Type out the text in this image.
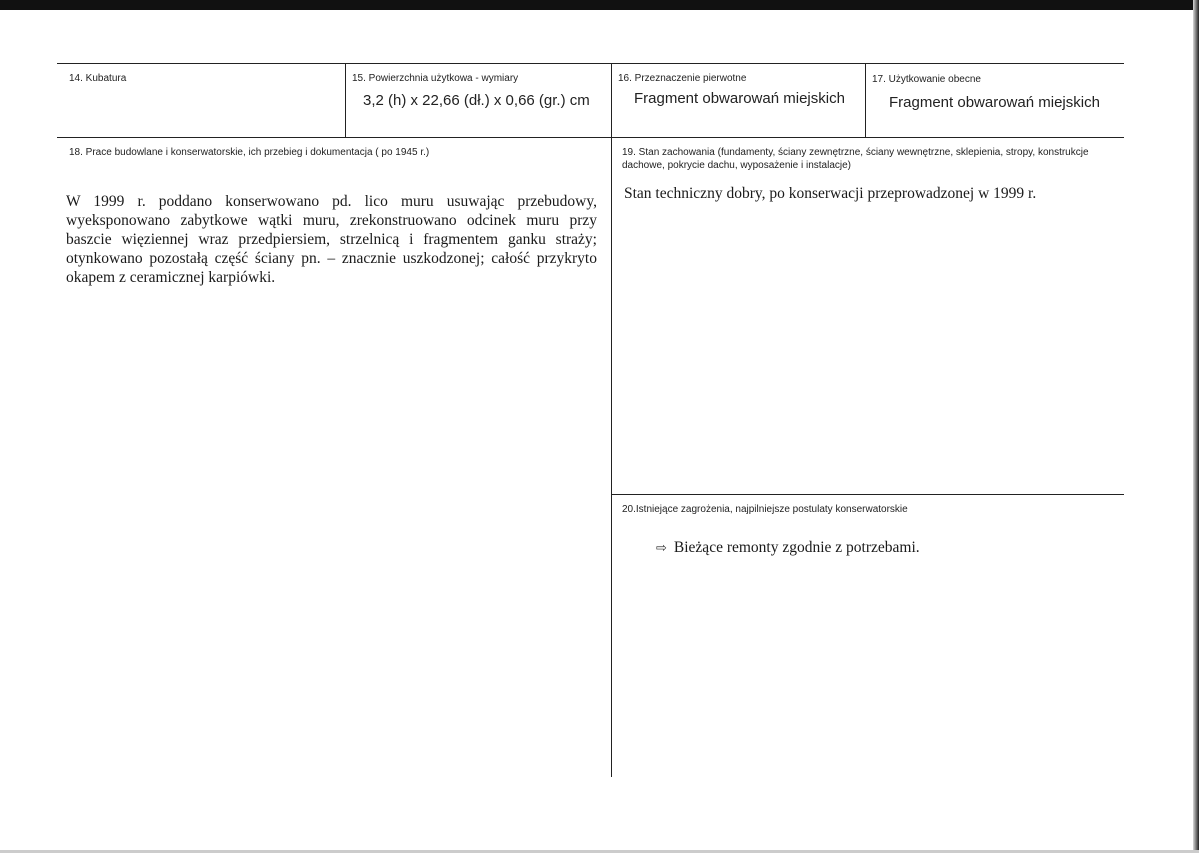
14. Kubatura	15. Powierzchnia użytkowa - wymiary
3,2 (h) x 22,66 (dł.) x 0,66 (gr.) cm
16. Przeznaczenie pierwotne
Fragment obwarowań miejskich
17. Użytkowanie obecne
Fragment obwarowań miejskich
18. Prace budowlane i konserwatorskie, ich przebieg i dokumentacja ( po 1945 r.)
W 1999 r. poddano konserwowano pd. lico muru usuwając przebudowy, wyeksponowano zabytkowe wątki muru, zrekonstruowano odcinek muru przy baszcie więziennej wraz przedpiersiem, strzelnicą i fragmentem ganku straży; otynkowano pozostałą część ściany pn. – znacznie uszkodzonej; całość przykryto okapem z ceramicznej karpiówki.
19. Stan zachowania (fundamenty, ściany zewnętrzne, ściany wewnętrzne, sklepienia, stropy, konstrukcje dachowe, pokrycie dachu, wyposażenie i instalacje)
Stan techniczny dobry, po konserwacji przeprowadzonej w 1999 r.
20.Istniejące zagrożenia, najpilniejsze postulaty konserwatorskie
⇨ Bieżące remonty zgodnie z potrzebami.
